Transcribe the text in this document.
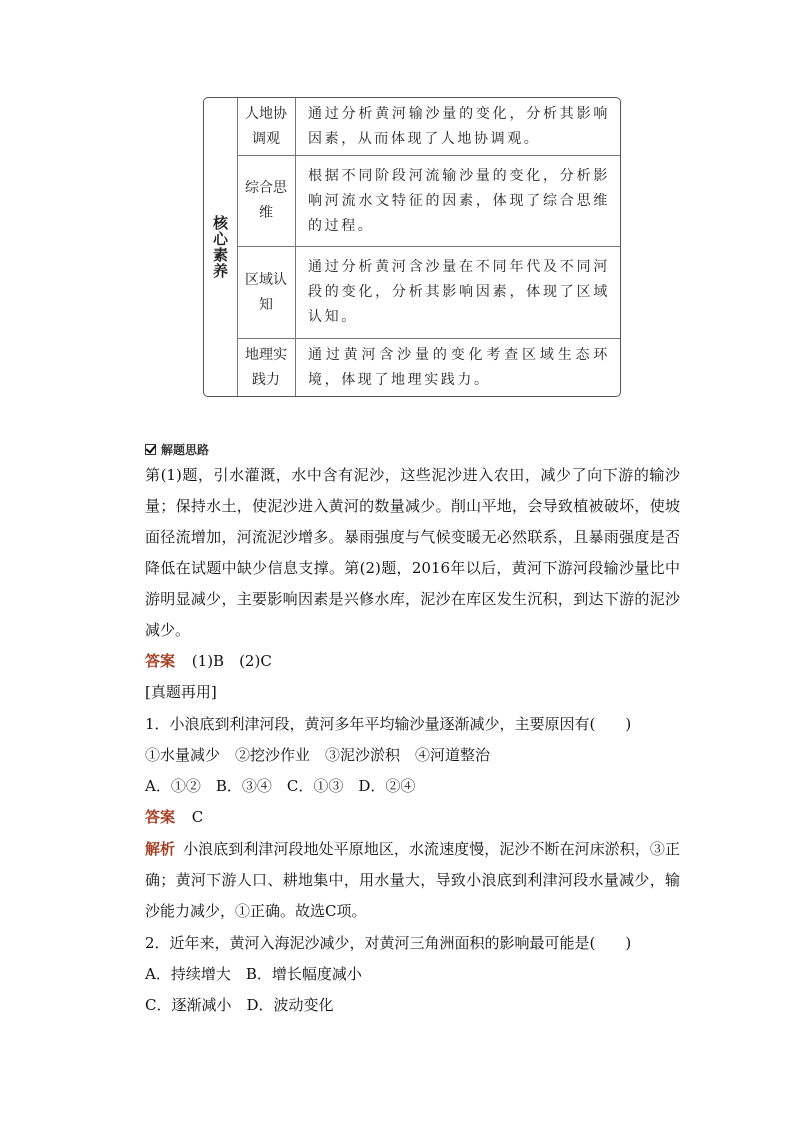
核心素养
人地协调观
通过分析黄河输沙量的变化，分析其影响因素，从而体现了人地协调观。
综合思维
根据不同阶段河流输沙量的变化，分析影响河流水文特征的因素，体现了综合思维的过程。
区域认知
通过分析黄河含沙量在不同年代及不同河段的变化，分析其影响因素，体现了区域认知。
地理实践力
通过黄河含沙量的变化考查区域生态环境，体现了地理实践力。
解题思路
第(1)题，引水灌溉，水中含有泥沙，这些泥沙进入农田，减少了向下游的输沙量；保持水土，使泥沙进入黄河的数量减少。削山平地，会导致植被破坏，使坡面径流增加，河流泥沙增多。暴雨强度与气候变暖无必然联系，且暴雨强度是否降低在试题中缺少信息支撑。第(2)题，2016年以后，黄河下游河段输沙量比中游明显减少，主要影响因素是兴修水库，泥沙在库区发生沉积，到达下游的泥沙减少。
答案 (1)B　(2)C
[真题再用]
1．小浪底到利津河段，黄河多年平均输沙量逐渐减少，主要原因有(　　)
①水量减少　②挖沙作业　③泥沙淤积　④河道整治
A．①②　B．③④　C．①③　D．②④
答案 C
解析 小浪底到利津河段地处平原地区，水流速度慢，泥沙不断在河床淤积，③正确；黄河下游人口、耕地集中，用水量大，导致小浪底到利津河段水量减少，输沙能力减少，①正确。故选C项。
2．近年来，黄河入海泥沙减少，对黄河三角洲面积的影响最可能是(　　)
A．持续增大　B．增长幅度减小
C．逐渐减小　D．波动变化
